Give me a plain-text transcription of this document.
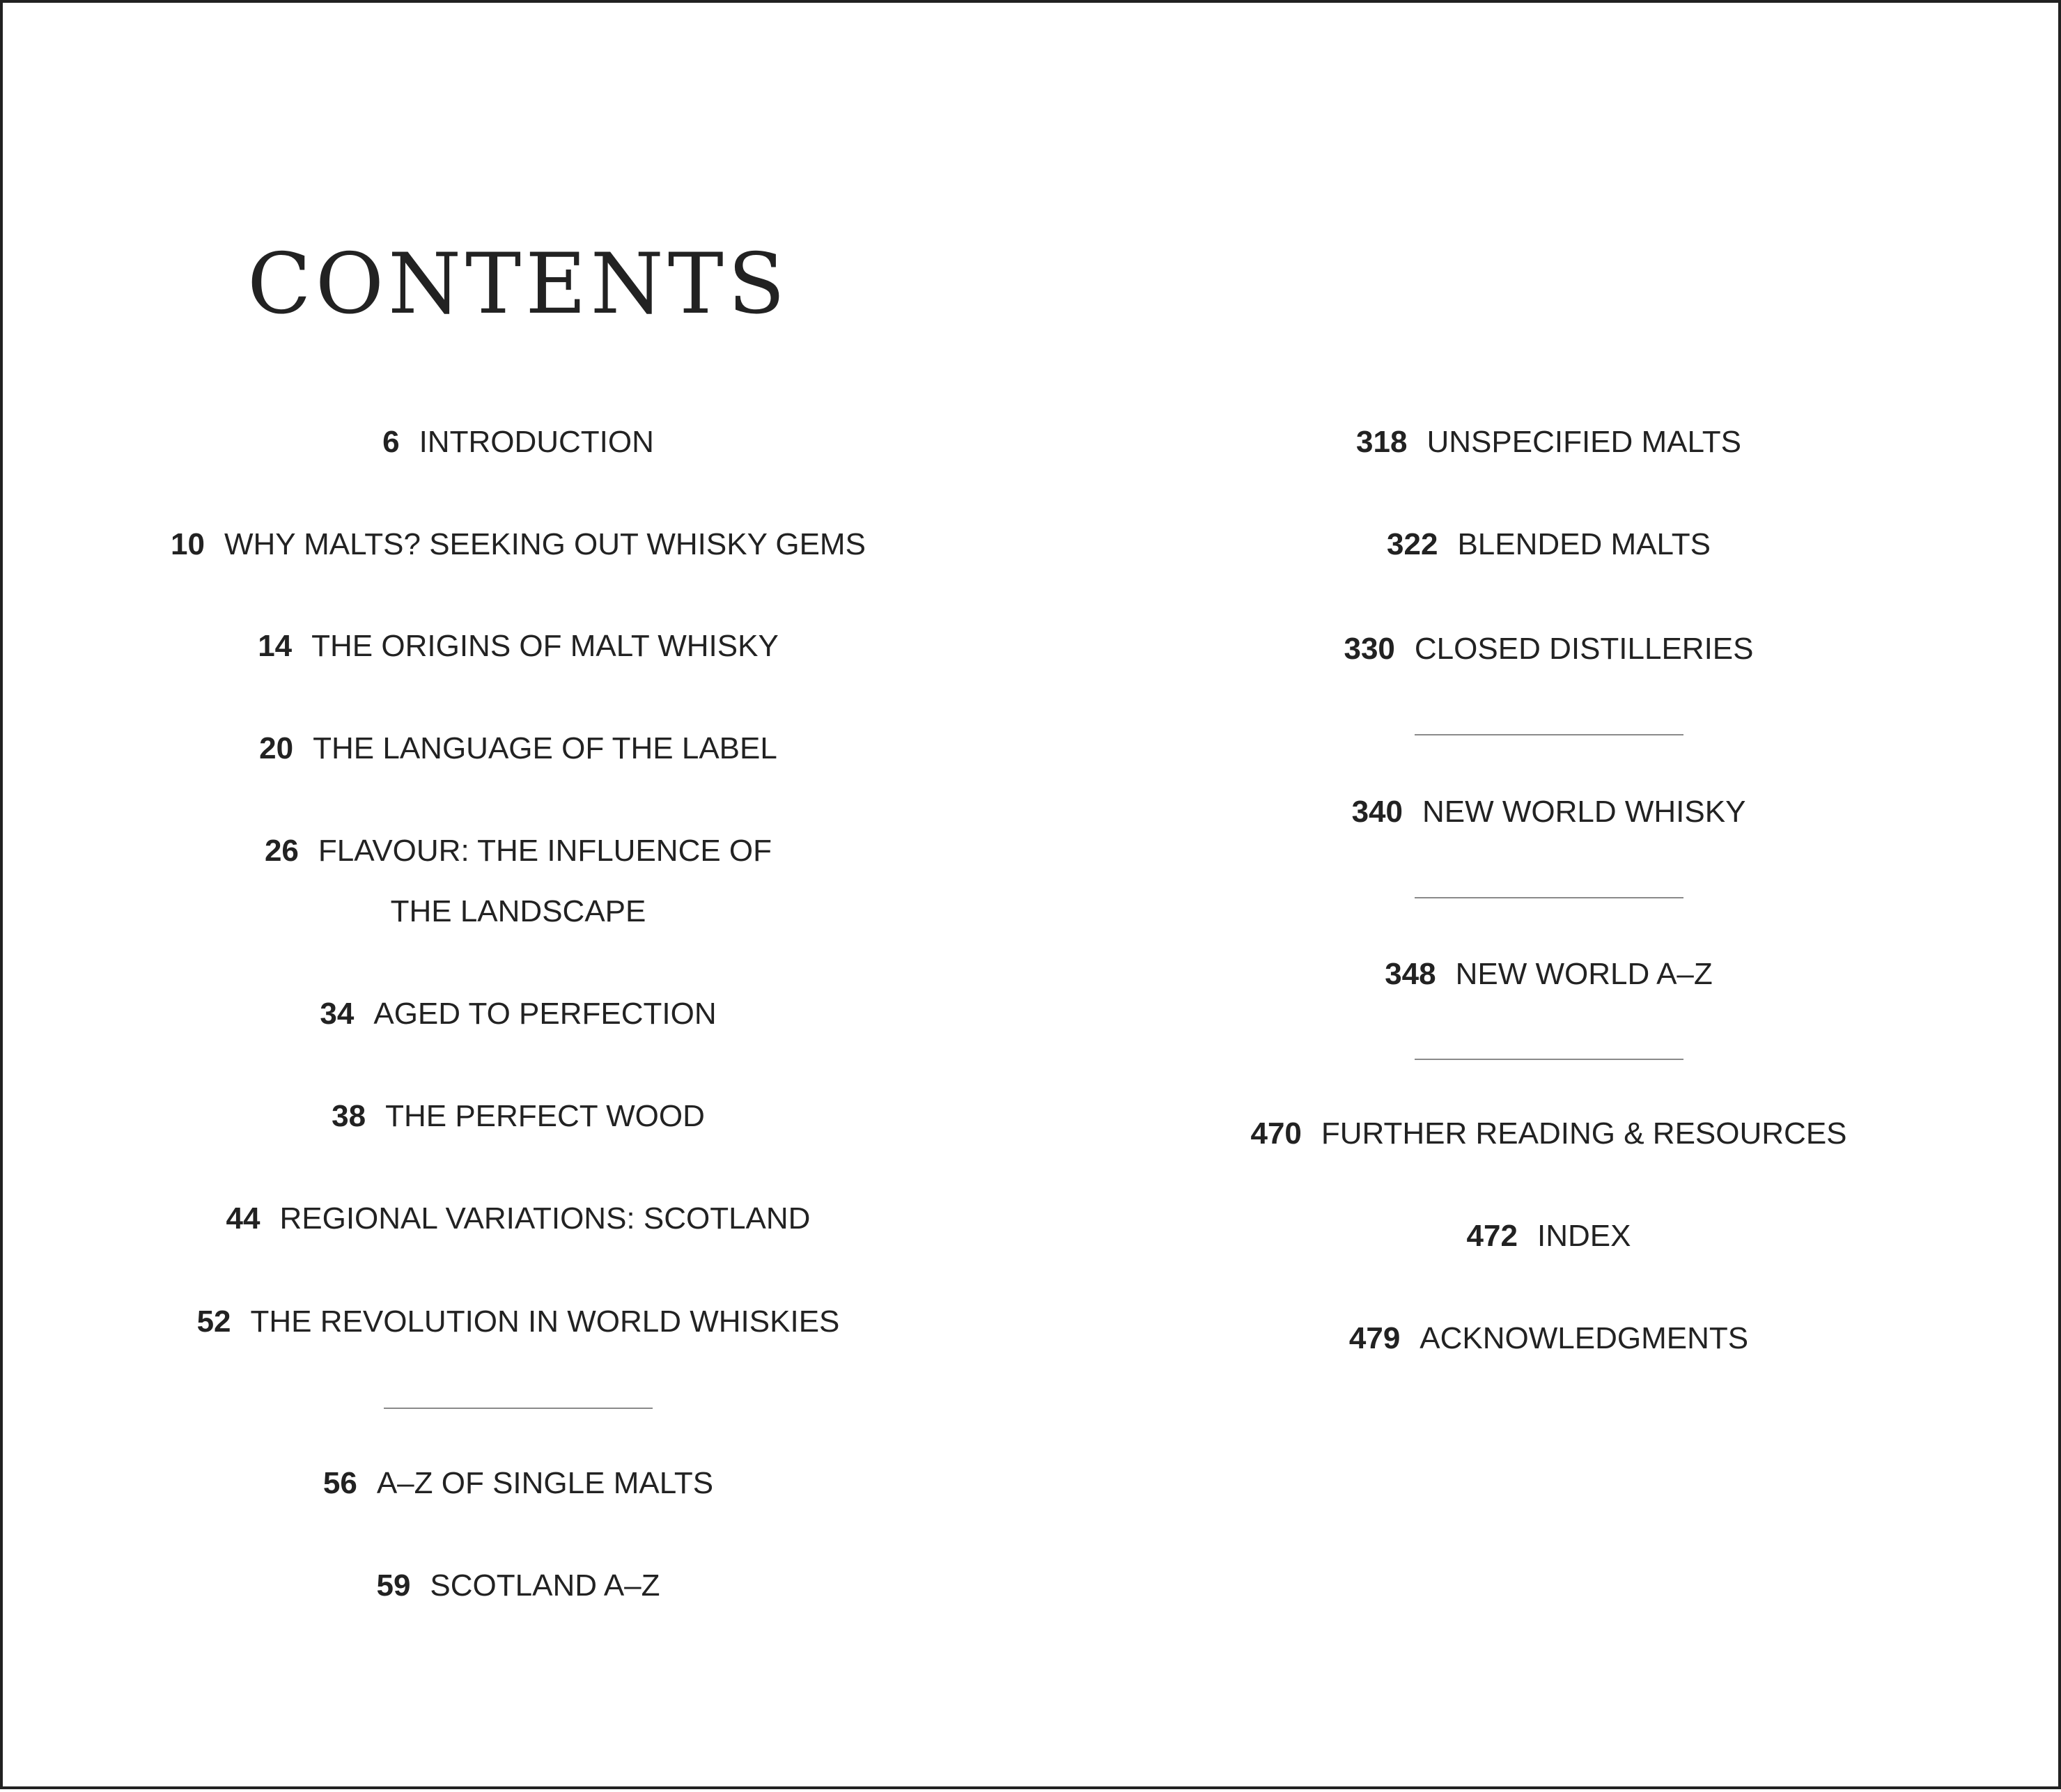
CONTENTS
6 INTRODUCTION
10 WHY MALTS? SEEKING OUT WHISKY GEMS
14 THE ORIGINS OF MALT WHISKY
20 THE LANGUAGE OF THE LABEL
26 FLAVOUR: THE INFLUENCE OF
THE LANDSCAPE
34 AGED TO PERFECTION
38 THE PERFECT WOOD
44 REGIONAL VARIATIONS: SCOTLAND
52 THE REVOLUTION IN WORLD WHISKIES
56 A–Z OF SINGLE MALTS
59 SCOTLAND A–Z
318 UNSPECIFIED MALTS
322 BLENDED MALTS
330 CLOSED DISTILLERIES
340 NEW WORLD WHISKY
348 NEW WORLD A–Z
470 FURTHER READING & RESOURCES
472 INDEX
479 ACKNOWLEDGMENTS
